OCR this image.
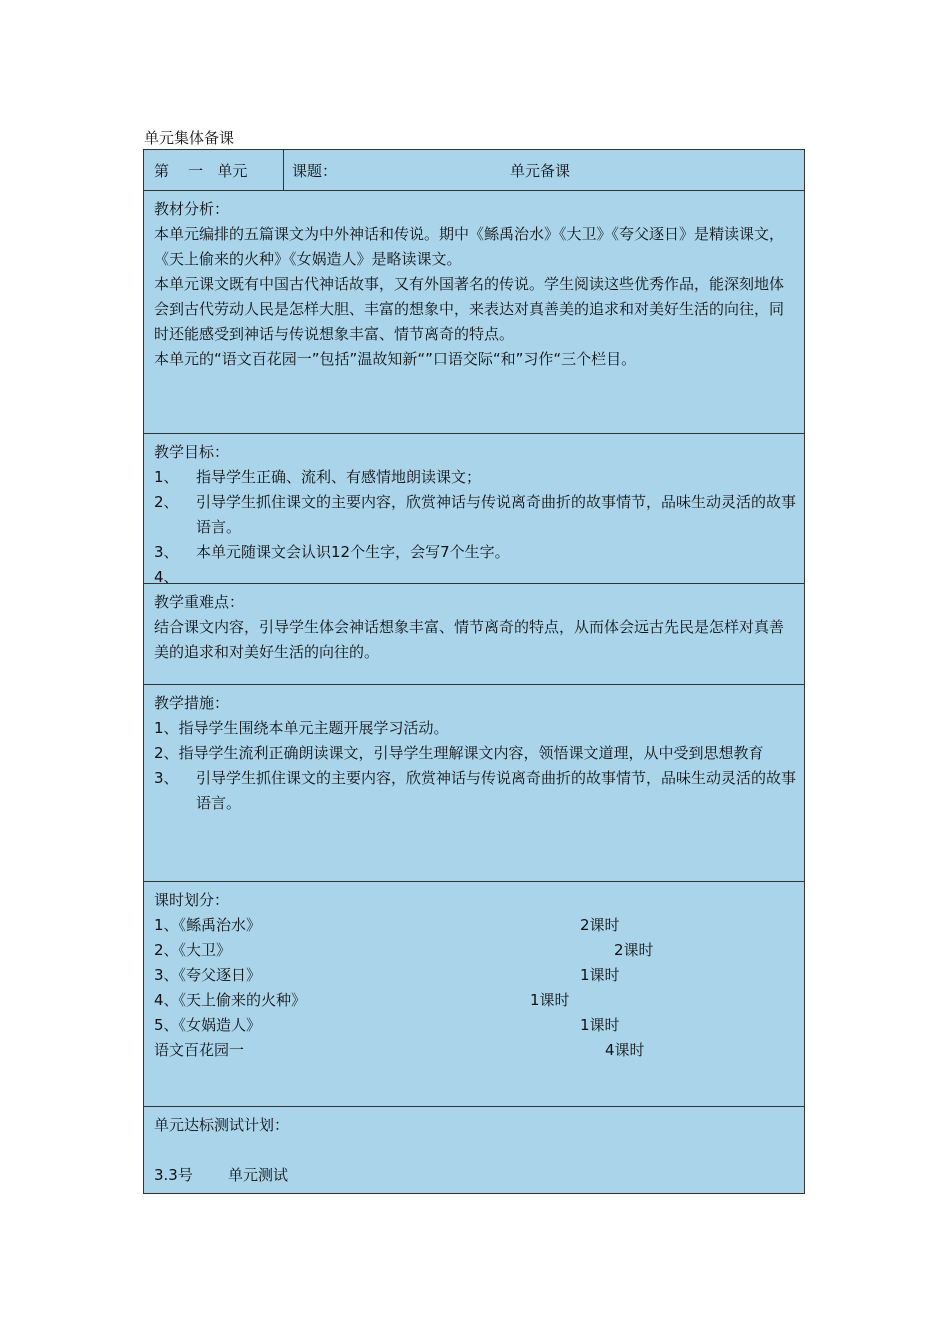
单元集体备课
第    一   单元	课题：	单元备课

教材分析：

本单元编排的五篇课文为中外神话和传说。期中《鲧禹治水》《大卫》《夸父逐日》是精读课文，《天上偷来的火种》《女娲造人》是略读课文。

本单元课文既有中国古代神话故事，又有外国著名的传说。学生阅读这些优秀作品，能深刻地体会到古代劳动人民是怎样大胆、丰富的想象中，来表达对真善美的追求和对美好生活的向往，同时还能感受到神话与传说想象丰富、情节离奇的特点。

本单元的“语文百花园一”包括”温故知新“”口语交际“和”习作“三个栏目。

教学目标：

1、	指导学生正确、流利、有感情地朗读课文；
2、	引导学生抓住课文的主要内容，欣赏神话与传说离奇曲折的故事情节，品味生动灵活的故事语言。
3、	本单元随课文会认识12个生字，会写7个生字。
4、

教学重难点：

结合课文内容，引导学生体会神话想象丰富、情节离奇的特点，从而体会远古先民是怎样对真善美的追求和对美好生活的向往的。

教学措施：

1、指导学生围绕本单元主题开展学习活动。

2、指导学生流利正确朗读课文，引导学生理解课文内容，领悟课文道理，从中受到思想教育

3、	引导学生抓住课文的主要内容，欣赏神话与传说离奇曲折的故事情节，品味生动灵活的故事语言。

课时划分：

1、《鲧禹治水》	2课时
2、《大卫》	2课时
3、《夸父逐日》	1课时
4、《天上偷来的火种》	1课时
5、《女娲造人》	1课时
语文百花园一	4课时

单元达标测试计划：

3.3号	单元测试
